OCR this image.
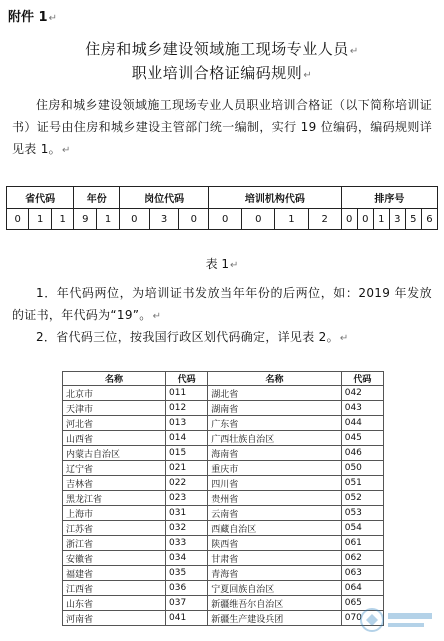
附件 1↵
住房和城乡建设领域施工现场专业人员↵
职业培训合格证编码规则↵
住房和城乡建设领域施工现场专业人员职业培训合格证（以下简称培训证书）证号由住房和城乡建设主管部门统一编制，实行 19 位编码，编码规则详见表 1。↵
省代码			年份		岗位代码			培训机构代码				排序号					
0	1	1	9	1	0	3	0	0	0	1	2	0	0	1	3	5	6
表 1↵
1．年代码两位，为培训证书发放当年年份的后两位，如：2019 年发放的证书，年代码为“19”。↵
2．省代码三位，按我国行政区划代码确定，详见表 2。↵
名称	代码	名称	代码
北京市	011	湖北省	042
天津市	012	湖南省	043
河北省	013	广东省	044
山西省	014	广西壮族自治区	045
内蒙古自治区	015	海南省	046
辽宁省	021	重庆市	050
吉林省	022	四川省	051
黑龙江省	023	贵州省	052
上海市	031	云南省	053
江苏省	032	西藏自治区	054
浙江省	033	陕西省	061
安徽省	034	甘肃省	062
福建省	035	青海省	063
江西省	036	宁夏回族自治区	064
山东省	037	新疆维吾尔自治区	065
河南省	041	新疆生产建设兵团	070
